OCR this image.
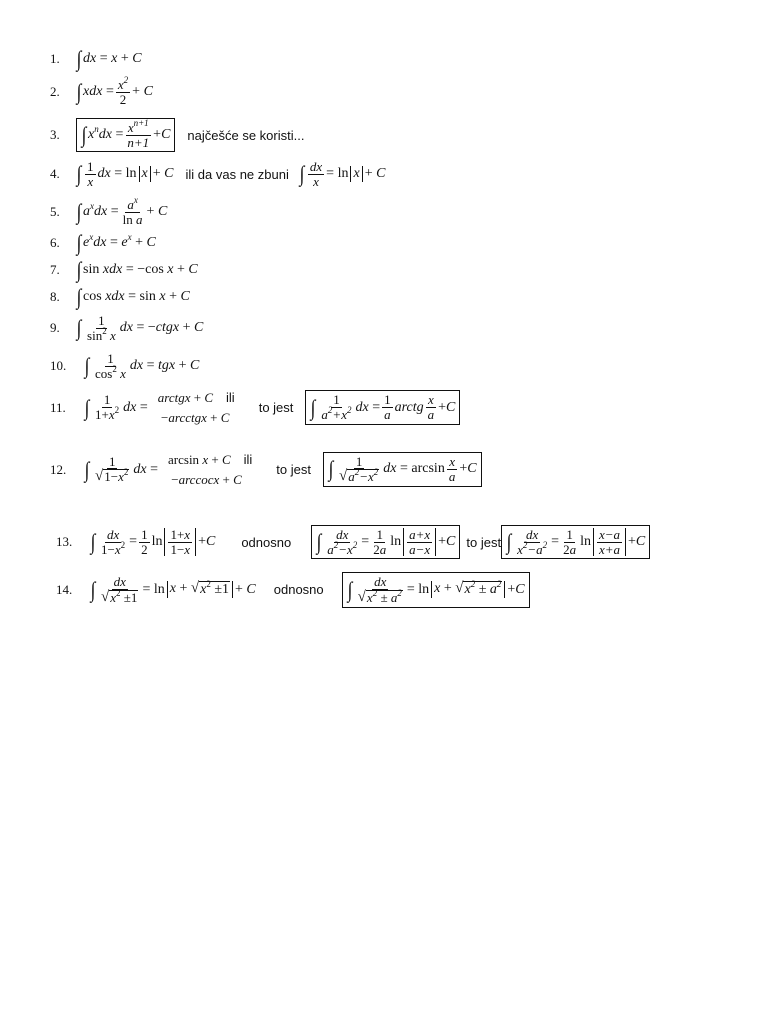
1. ∫ dx = x + C
2. ∫ xdx = $\frac{x^2}{2} + C$
3. ∫ $x^ndx = \frac{x^{n+1}}{n+1} + C$ najčešće se koristi...
4. ∫ $\frac{1}{x}$ dx = ln x + C ili da vas ne zbuni ∫ $\frac{dx}{x} = \ln x + C$
5. ∫ $a^xdx = \frac{a^x}{\text{ln a}} + C$
6. ∫ $e^xdx = e^x + C$
7. ∫ sin xdx = −cos x + C
8. ∫ cos xdx = sin x + C
9. ∫ $\frac{1}{\sin^2 x}$ dx = − ctgx + C
10. ∫ $\frac{1}{\cos^2 x}$ dx = tgx + C
11. ∫ $\frac{1}{1+x^2}$ dx =
arctgx + C ili
−arcctgx + C
to jest ∫ $\frac{1}{a^2+x^2}$ dx = $\frac{1}{a}$ arctg $\frac{x}{a} + C$
12. ∫ $\frac{1}{√ 1-x^2}$ dx =
arcsin x + C ili
−arccocx + C
to jest ∫ $\frac{1}{√ a^2-x^2}$ dx = $\arcsin \frac{x}{a} + C$
13. ∫ $\frac{dx}{1-x^2} = \frac{1}{2}$ $\ln \frac{1+x}{1-x} + C$ odnosno ∫ $\frac{dx}{a^2-x^2} = \frac{1}{2a}$ $\ln \frac{a+x}{a-x} + C$ to jest ∫ $\frac{dx}{x^2-a^2} = \frac{1}{2a}$ $\ln \frac{x-a}{x+a} + C$
14. ∫ $\frac{dx}{√ x^2 \pm 1} = \ln x$ + √ $x^2 \pm 1 + C$ odnosno ∫ $\frac{dx}{√ x^2 \pm a^2} = \ln x$ + √ $x^2 \pm a^2 + C$
